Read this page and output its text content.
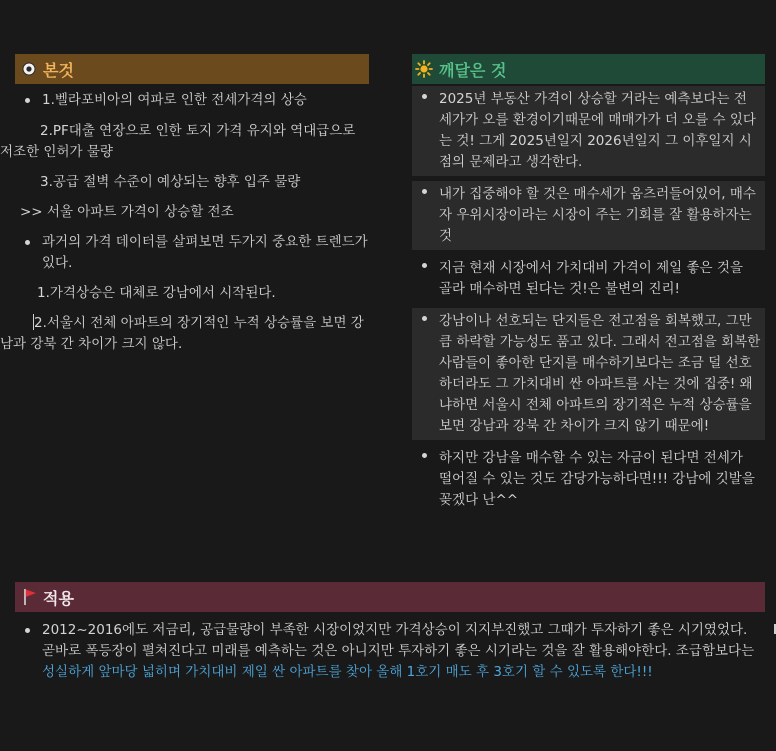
본것
1.벨라포비아의 여파로 인한 전세가격의 상승

2.PF대출 연장으로 인한 토지 가격 유지와 역대급으로 저조한 인허가 물량

3.공급 절벽 수준이 예상되는 향후 입주 물량

>> 서울 아파트 가격이 상승할 전조

과거의 가격 데이터를 살펴보면 두가지 중요한 트렌드가 있다.

1.가격상승은 대체로 강남에서 시작된다.

2.서울시 전체 아파트의 장기적인 누적 상승률을 보면 강남과 강북 간 차이가 크지 않다.

깨달은 것
2025년 부동산 가격이 상승할 거라는 예측보다는 전세가가 오를 환경이기때문에 매매가가 더 오를 수 있다는 것! 그게 2025년일지 2026년일지 그 이후일지 시점의 문제라고 생각한다.
내가 집중해야 할 것은 매수세가 움츠러들어있어, 매수자 우위시장이라는 시장이 주는 기회를 잘 활용하자는 것
지금 현재 시장에서 가치대비 가격이 제일 좋은 것을 골라 매수하면 된다는 것!은 불변의 진리!
강남이나 선호되는 단지들은 전고점을 회복했고, 그만큼 하락할 가능성도 품고 있다. 그래서 전고점을 회복한 사람들이 좋아한 단지를 매수하기보다는 조금 덜 선호하더라도 그 가치대비 싼 아파트를 사는 것에 집중! 왜냐하면 서울시 전체 아파트의 장기적은 누적 상승률을 보면 강남과 강북 간 차이가 크지 않기 때문에!
하지만 강남을 매수할 수 있는 자금이 된다면 전세가 떨어질 수 있는 것도 감당가능하다면!!! 강남에 깃발을 꽂겠다 난^^
적용
2012~2016에도 저금리, 공급물량이 부족한 시장이었지만 가격상승이 지지부진했고 그때가 투자하기 좋은 시기였었다. 곧바로 폭등장이 펼쳐진다고 미래를 예측하는 것은 아니지만 투자하기 좋은 시기라는 것을 잘 활용해야한다. 조급함보다는 성실하게 앞마당 넓히며 가치대비 제일 싼 아파트를 찾아 올해 1호기 매도 후 3호기 할 수 있도록 한다!!!
